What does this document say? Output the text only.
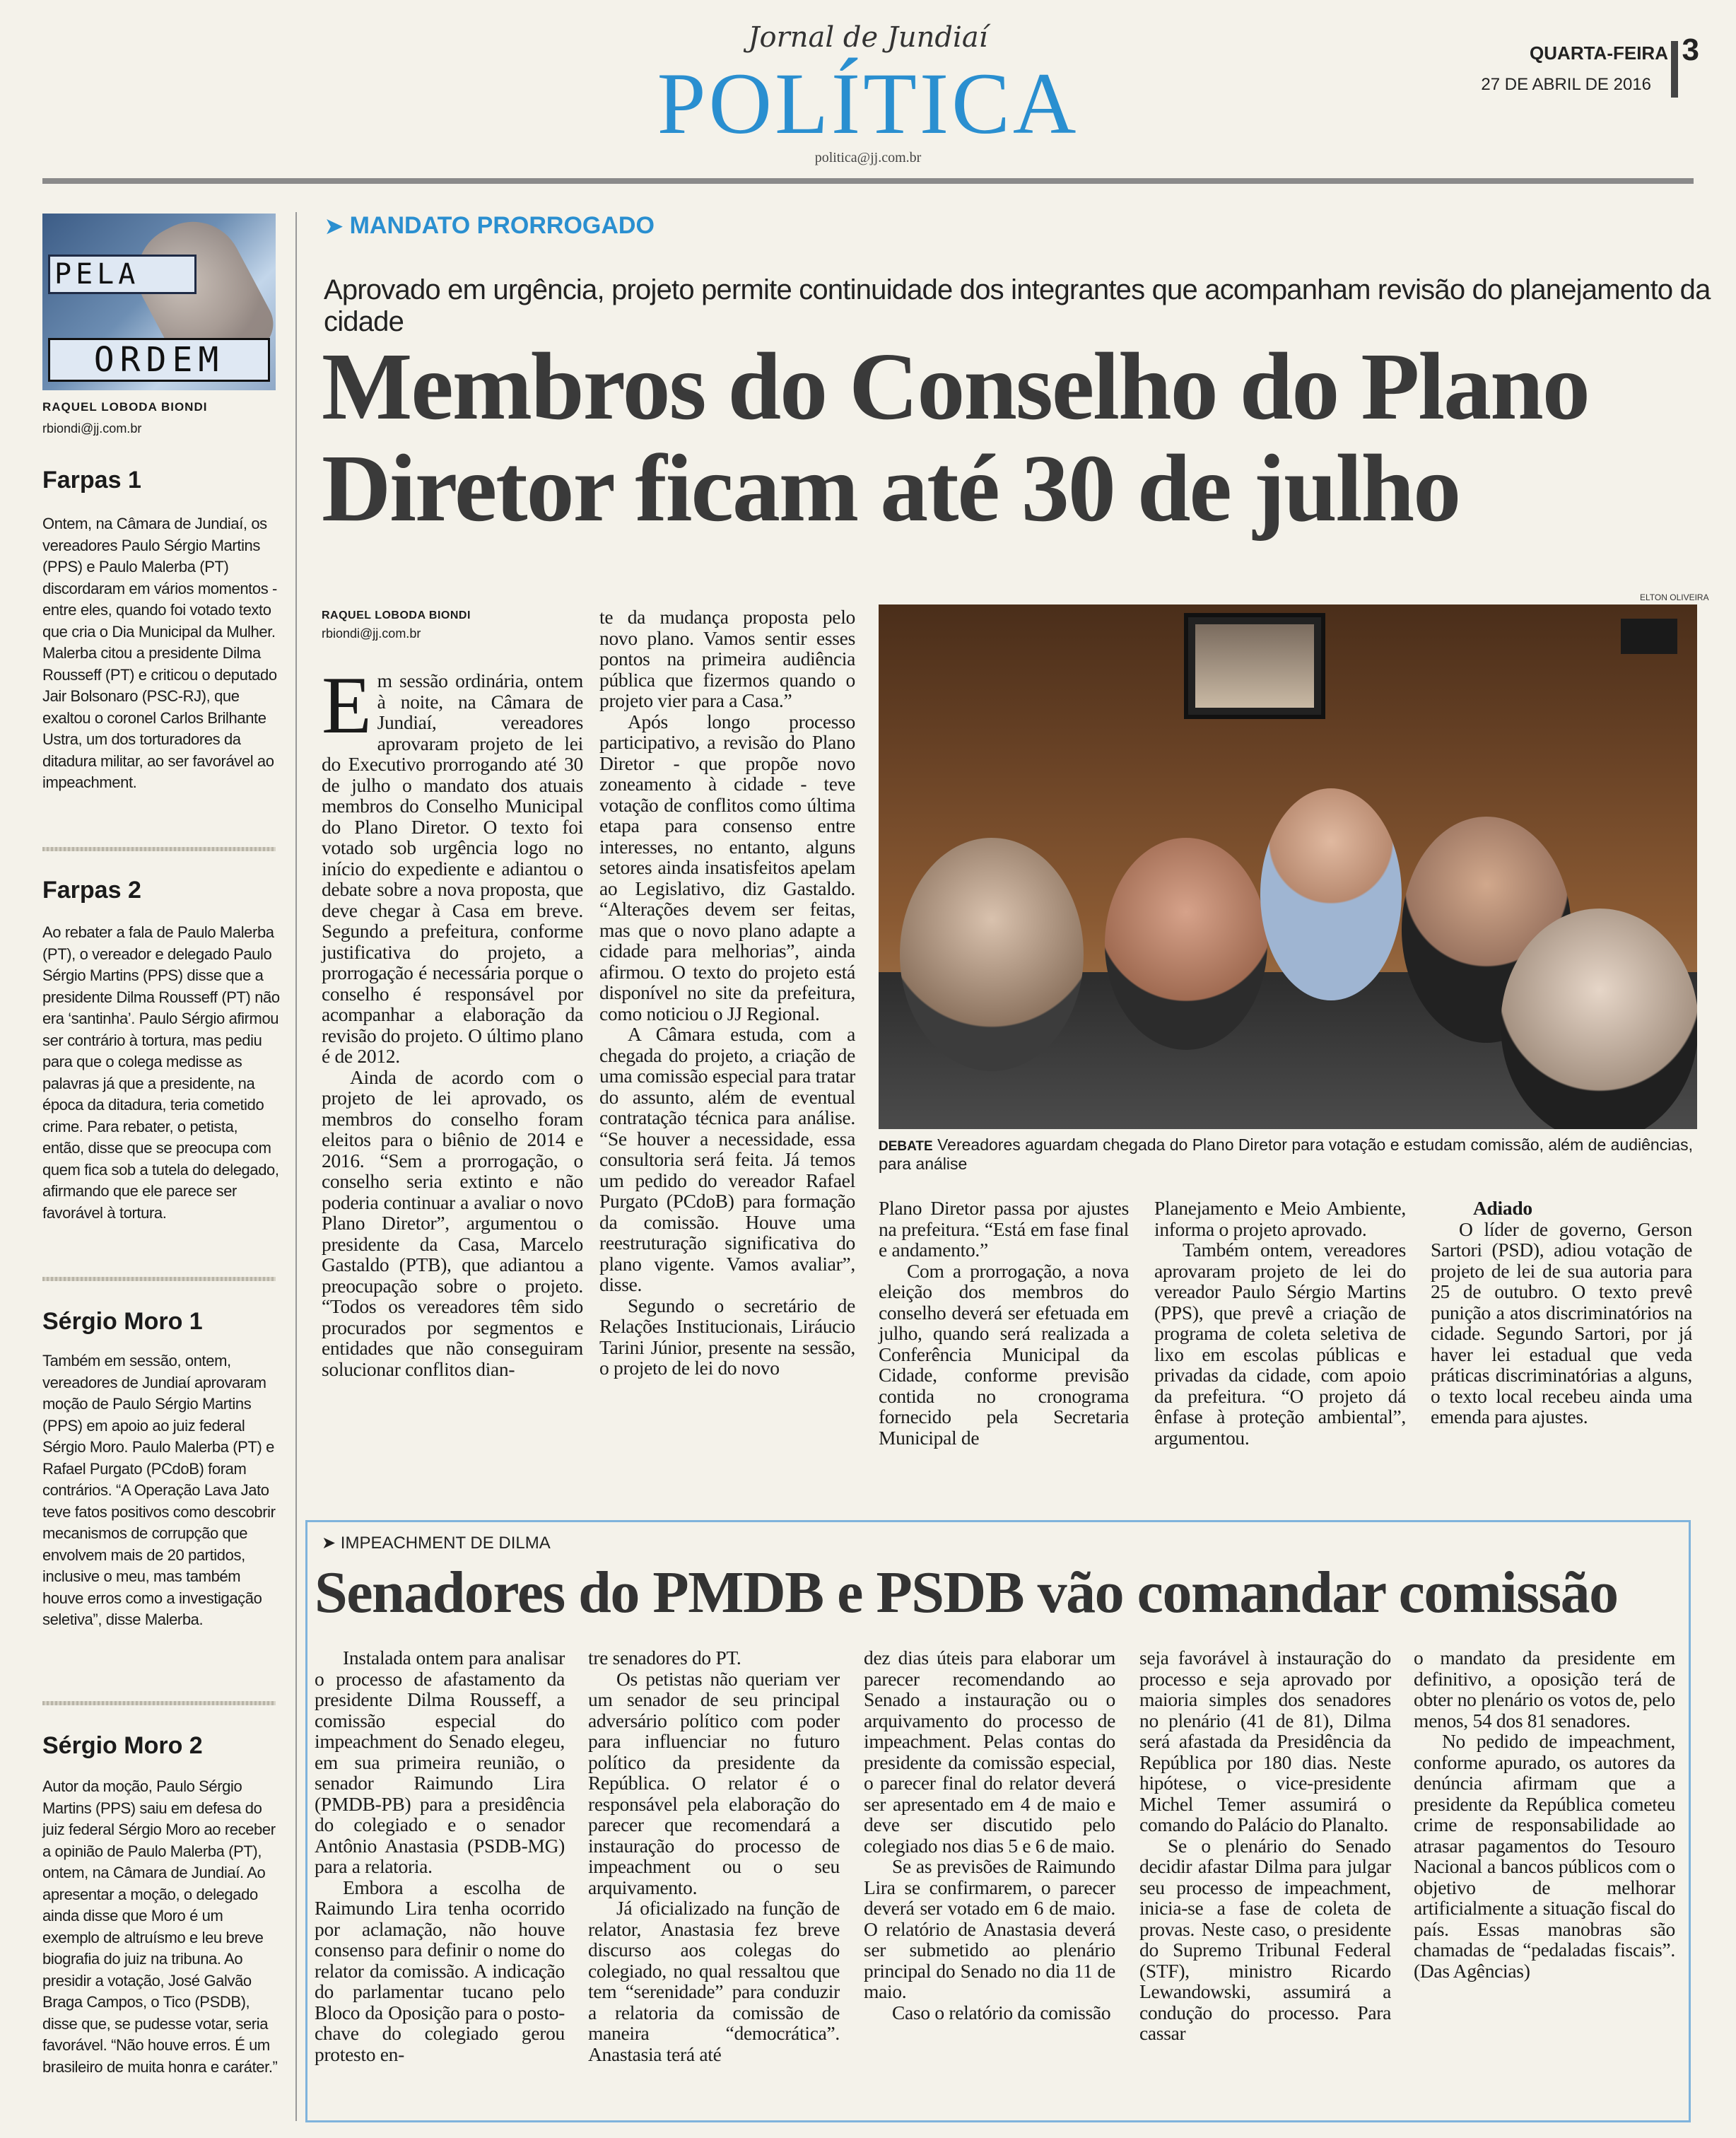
Jornal de Jundiaí
POLÍTICA
politica@jj.com.br
QUARTA-FEIRA 3
27 DE ABRIL DE 2016
PELA
ORDEM
RAQUEL LOBODA BIONDI
rbiondi@jj.com.br
Farpas 1
Ontem, na Câmara de Jundiaí, os vereadores Paulo Sérgio Martins (PPS) e Paulo Malerba (PT) discordaram em vários momentos - entre eles, quando foi votado texto que cria o Dia Municipal da Mulher. Malerba citou a presidente Dilma Rousseff (PT) e criticou o deputado Jair Bolsonaro (PSC-RJ), que exaltou o coronel Carlos Brilhante Ustra, um dos torturadores da ditadura militar, ao ser favorável ao impeachment.
Farpas 2
Ao rebater a fala de Paulo Malerba (PT), o vereador e delegado Paulo Sérgio Martins (PPS) disse que a presidente Dilma Rousseff (PT) não era ‘santinha’. Paulo Sérgio afirmou ser contrário à tortura, mas pediu para que o colega medisse as palavras já que a presidente, na época da ditadura, teria cometido crime. Para rebater, o petista, então, disse que se preocupa com quem fica sob a tutela do delegado, afirmando que ele parece ser favorável à tortura.
Sérgio Moro 1
Também em sessão, ontem, vereadores de Jundiaí aprovaram moção de Paulo Sérgio Martins (PPS) em apoio ao juiz federal Sérgio Moro. Paulo Malerba (PT) e Rafael Purgato (PCdoB) foram contrários. “A Operação Lava Jato teve fatos positivos como descobrir mecanismos de corrupção que envolvem mais de 20 partidos, inclusive o meu, mas também houve erros como a investigação seletiva”, disse Malerba.
Sérgio Moro 2
Autor da moção, Paulo Sérgio Martins (PPS) saiu em defesa do juiz federal Sérgio Moro ao receber a opinião de Paulo Malerba (PT), ontem, na Câmara de Jundiaí. Ao apresentar a moção, o delegado ainda disse que Moro é um exemplo de altruísmo e leu breve biografia do juiz na tribuna. Ao presidir a votação, José Galvão Braga Campos, o Tico (PSDB), disse que, se pudesse votar, seria favorável. “Não houve erros. É um brasileiro de muita honra e caráter.”
➤ MANDATO PRORROGADO
Aprovado em urgência, projeto permite continuidade dos integrantes que acompanham revisão do planejamento da cidade
Membros do Conselho do Plano
Diretor ficam até 30 de julho
RAQUEL LOBODA BIONDI
rbiondi@jj.com.br

Em sessão ordinária, ontem à noite, na Câmara de Jundiaí, vereadores aprovaram projeto de lei do Executivo prorrogando até 30 de julho o mandato dos atuais membros do Conselho Municipal do Plano Diretor. O texto foi votado sob urgência logo no início do expediente e adiantou o debate sobre a nova proposta, que deve chegar à Casa em breve. Segundo a prefeitura, conforme justificativa do projeto, a prorrogação é necessária porque o conselho é responsável por acompanhar a elaboração da revisão do projeto. O último plano é de 2012.

Ainda de acordo com o projeto de lei aprovado, os membros do conselho foram eleitos para o biênio de 2014 e 2016. “Sem a prorrogação, o conselho seria extinto e não poderia continuar a avaliar o novo Plano Diretor”, argumentou o presidente da Casa, Marcelo Gastaldo (PTB), que adiantou a preocupação sobre o projeto. “Todos os vereadores têm sido procurados por segmentos e entidades que não conseguiram solucionar conflitos dian-

te da mudança proposta pelo novo plano. Vamos sentir esses pontos na primeira audiência pública que fizermos quando o projeto vier para a Casa.”

Após longo processo participativo, a revisão do Plano Diretor - que propõe novo zoneamento à cidade - teve votação de conflitos como última etapa para consenso entre interesses, no entanto, alguns setores ainda insatisfeitos apelam ao Legislativo, diz Gastaldo. “Alterações devem ser feitas, mas que o novo plano adapte a cidade para melhorias”, ainda afirmou. O texto do projeto está disponível no site da prefeitura, como noticiou o JJ Regional.

A Câmara estuda, com a chegada do projeto, a criação de uma comissão especial para tratar do assunto, além de eventual contratação técnica para análise. “Se houver a necessidade, essa consultoria será feita. Já temos um pedido do vereador Rafael Purgato (PCdoB) para formação da comissão. Houve uma reestruturação significativa do plano vigente. Vamos avaliar”, disse.

Segundo o secretário de Relações Institucionais, Liráucio Tarini Júnior, presente na sessão, o projeto de lei do novo

ELTON OLIVEIRA
DEBATE Vereadores aguardam chegada do Plano Diretor para votação e estudam comissão, além de audiências, para análise

Plano Diretor passa por ajustes na prefeitura. “Está em fase final e andamento.”

Com a prorrogação, a nova eleição dos membros do conselho deverá ser efetuada em julho, quando será realizada a Conferência Municipal da Cidade, conforme previsão contida no cronograma fornecido pela Secretaria Municipal de

Planejamento e Meio Ambiente, informa o projeto aprovado.

Também ontem, vereadores aprovaram projeto de lei do vereador Paulo Sérgio Martins (PPS), que prevê a criação de programa de coleta seletiva de lixo em escolas públicas e privadas da cidade, com apoio da prefeitura. “O projeto dá ênfase à proteção ambiental”, argumentou.

Adiado

O líder de governo, Gerson Sartori (PSD), adiou votação de projeto de lei de sua autoria para 25 de outubro. O texto prevê punição a atos discriminatórios na cidade. Segundo Sartori, por já haver lei estadual que veda práticas discriminatórias a alguns, o texto local recebeu ainda uma emenda para ajustes.

➤ IMPEACHMENT DE DILMA
Senadores do PMDB e PSDB vão comandar comissão

Instalada ontem para analisar o processo de afastamento da presidente Dilma Rousseff, a comissão especial do impeachment do Senado elegeu, em sua primeira reunião, o senador Raimundo Lira (PMDB-PB) para a presidência do colegiado e o senador Antônio Anastasia (PSDB-MG) para a relatoria.

Embora a escolha de Raimundo Lira tenha ocorrido por aclamação, não houve consenso para definir o nome do relator da comissão. A indicação do parlamentar tucano pelo Bloco da Oposição para o posto-chave do colegiado gerou protesto en-

tre senadores do PT.

Os petistas não queriam ver um senador de seu principal adversário político com poder para influenciar no futuro político da presidente da República. O relator é o responsável pela elaboração do parecer que recomendará a instauração do processo de impeachment ou o seu arquivamento.

Já oficializado na função de relator, Anastasia fez breve discurso aos colegas do colegiado, no qual ressaltou que tem “serenidade” para conduzir a relatoria da comissão de maneira “democrática”. Anastasia terá até

dez dias úteis para elaborar um parecer recomendando ao Senado a instauração ou o arquivamento do processo de impeachment. Pelas contas do presidente da comissão especial, o parecer final do relator deverá ser apresentado em 4 de maio e deve ser discutido pelo colegiado nos dias 5 e 6 de maio.

Se as previsões de Raimundo Lira se confirmarem, o parecer deverá ser votado em 6 de maio. O relatório de Anastasia deverá ser submetido ao plenário principal do Senado no dia 11 de maio.

Caso o relatório da comissão

seja favorável à instauração do processo e seja aprovado por maioria simples dos senadores no plenário (41 de 81), Dilma será afastada da Presidência da República por 180 dias. Neste hipótese, o vice-presidente Michel Temer assumirá o comando do Palácio do Planalto.

Se o plenário do Senado decidir afastar Dilma para julgar seu processo de impeachment, inicia-se a fase de coleta de provas. Neste caso, o presidente do Supremo Tribunal Federal (STF), ministro Ricardo Lewandowski, assumirá a condução do processo. Para cassar

o mandato da presidente em definitivo, a oposição terá de obter no plenário os votos de, pelo menos, 54 dos 81 senadores.

No pedido de impeachment, conforme apurado, os autores da denúncia afirmam que a presidente da República cometeu crime de responsabilidade ao atrasar pagamentos do Tesouro Nacional a bancos públicos com o objetivo de melhorar artificialmente a situação fiscal do país. Essas manobras são chamadas de “pedaladas fiscais”. (Das Agências)
